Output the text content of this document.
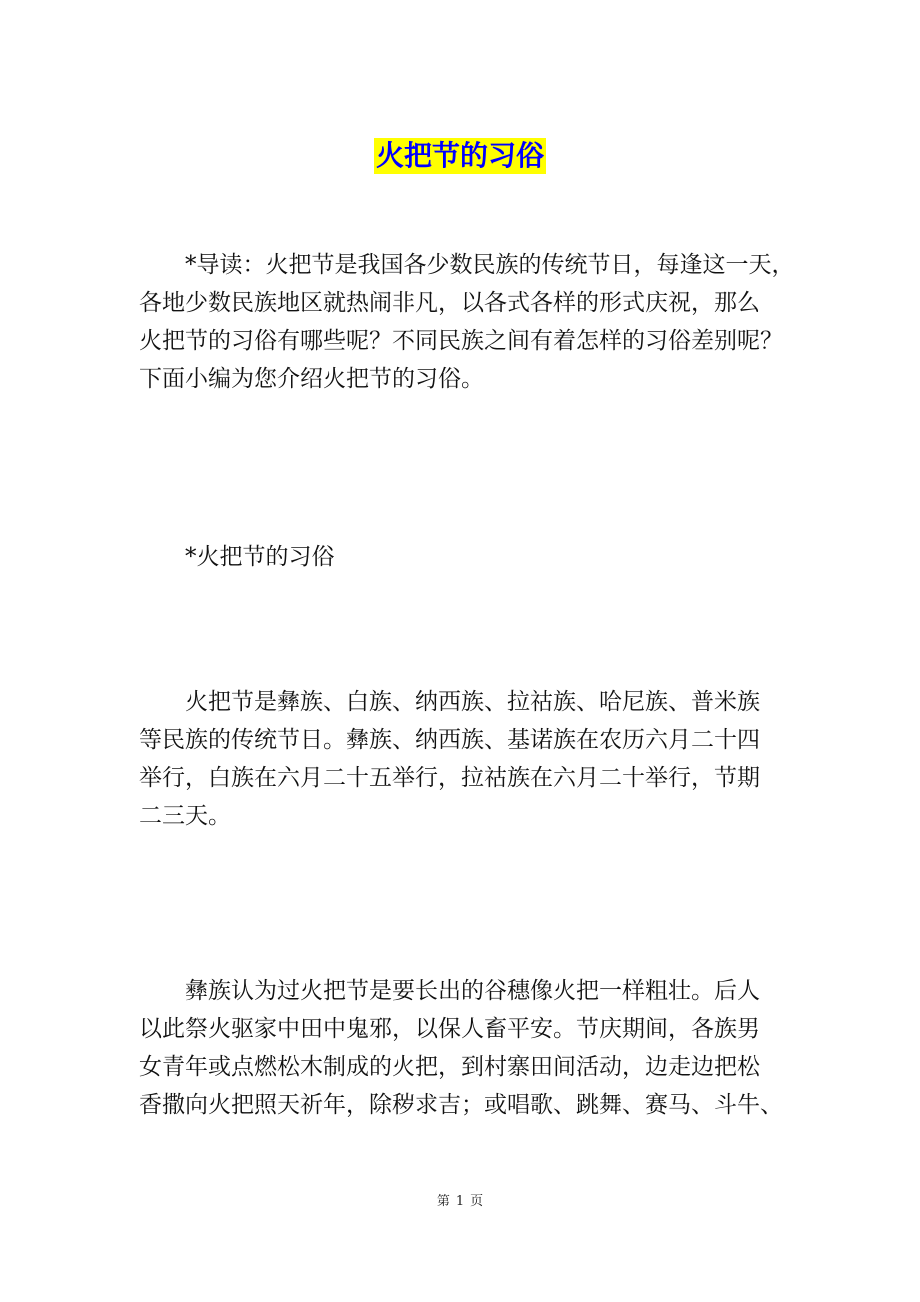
火把节的习俗
*导读：火把节是我国各少数民族的传统节日，每逢这一天，
各地少数民族地区就热闹非凡，以各式各样的形式庆祝，那么
火把节的习俗有哪些呢？不同民族之间有着怎样的习俗差别呢？
下面小编为您介绍火把节的习俗。
*火把节的习俗
火把节是彝族、白族、纳西族、拉祜族、哈尼族、普米族
等民族的传统节日。彝族、纳西族、基诺族在农历六月二十四
举行，白族在六月二十五举行，拉祜族在六月二十举行，节期
二三天。
彝族认为过火把节是要长出的谷穗像火把一样粗壮。后人
以此祭火驱家中田中鬼邪，以保人畜平安。节庆期间，各族男
女青年或点燃松木制成的火把，到村寨田间活动，边走边把松
香撒向火把照天祈年，除秽求吉；或唱歌、跳舞、赛马、斗牛、
第 1 页
